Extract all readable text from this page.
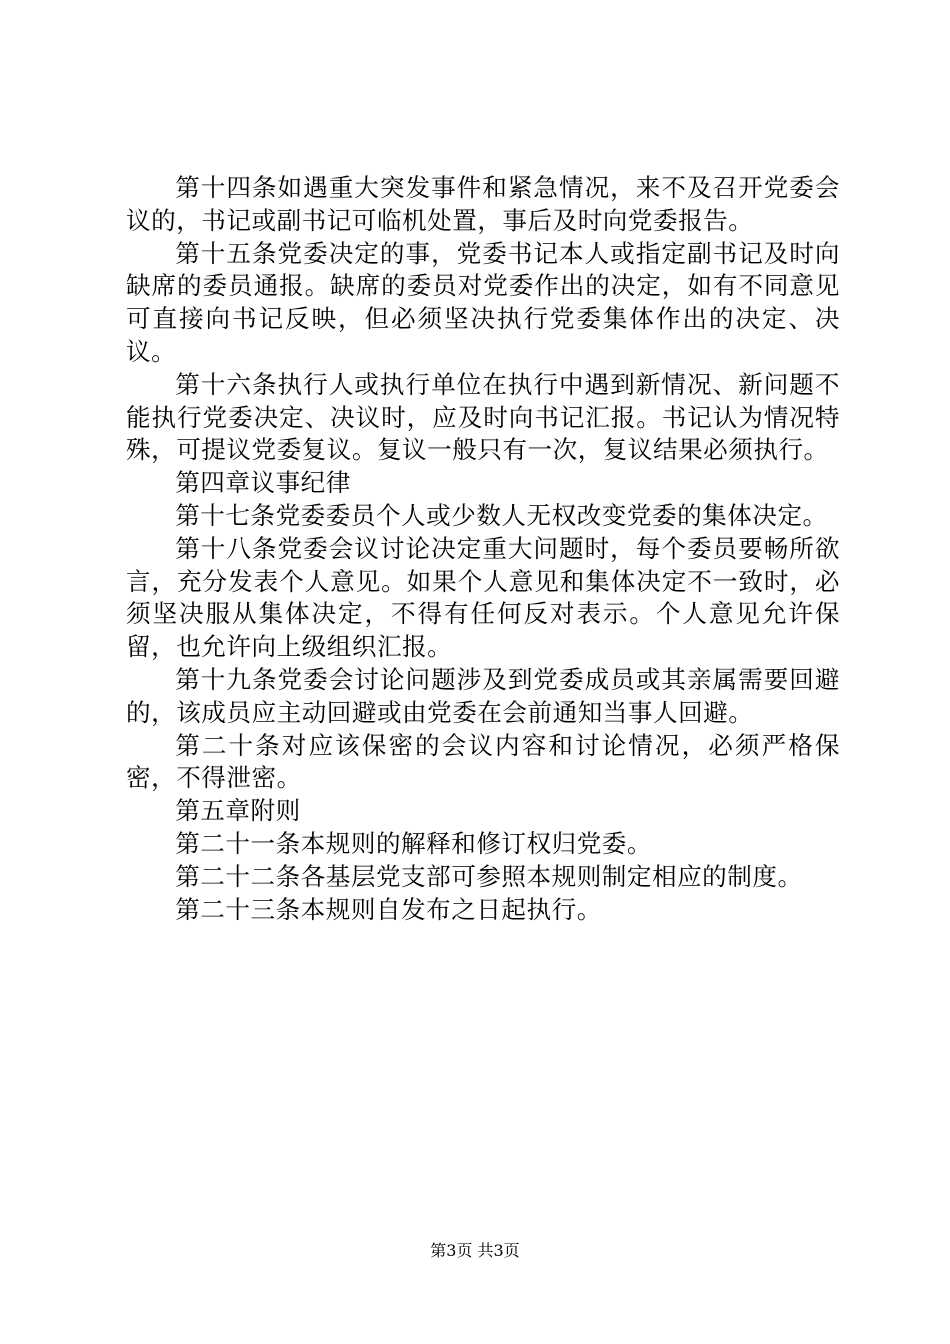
第十四条如遇重大突发事件和紧急情况，来不及召开党委会议的，书记或副书记可临机处置，事后及时向党委报告。

第十五条党委决定的事，党委书记本人或指定副书记及时向缺席的委员通报。缺席的委员对党委作出的决定，如有不同意见可直接向书记反映，但必须坚决执行党委集体作出的决定、决议。

第十六条执行人或执行单位在执行中遇到新情况、新问题不能执行党委决定、决议时，应及时向书记汇报。书记认为情况特殊，可提议党委复议。复议一般只有一次，复议结果必须执行。

第四章议事纪律

第十七条党委委员个人或少数人无权改变党委的集体决定。

第十八条党委会议讨论决定重大问题时，每个委员要畅所欲言，充分发表个人意见。如果个人意见和集体决定不一致时，必须坚决服从集体决定，不得有任何反对表示。个人意见允许保留，也允许向上级组织汇报。

第十九条党委会讨论问题涉及到党委成员或其亲属需要回避的，该成员应主动回避或由党委在会前通知当事人回避。

第二十条对应该保密的会议内容和讨论情况，必须严格保密，不得泄密。

第五章附则

第二十一条本规则的解释和修订权归党委。

第二十二条各基层党支部可参照本规则制定相应的制度。

第二十三条本规则自发布之日起执行。

第3页 共3页
